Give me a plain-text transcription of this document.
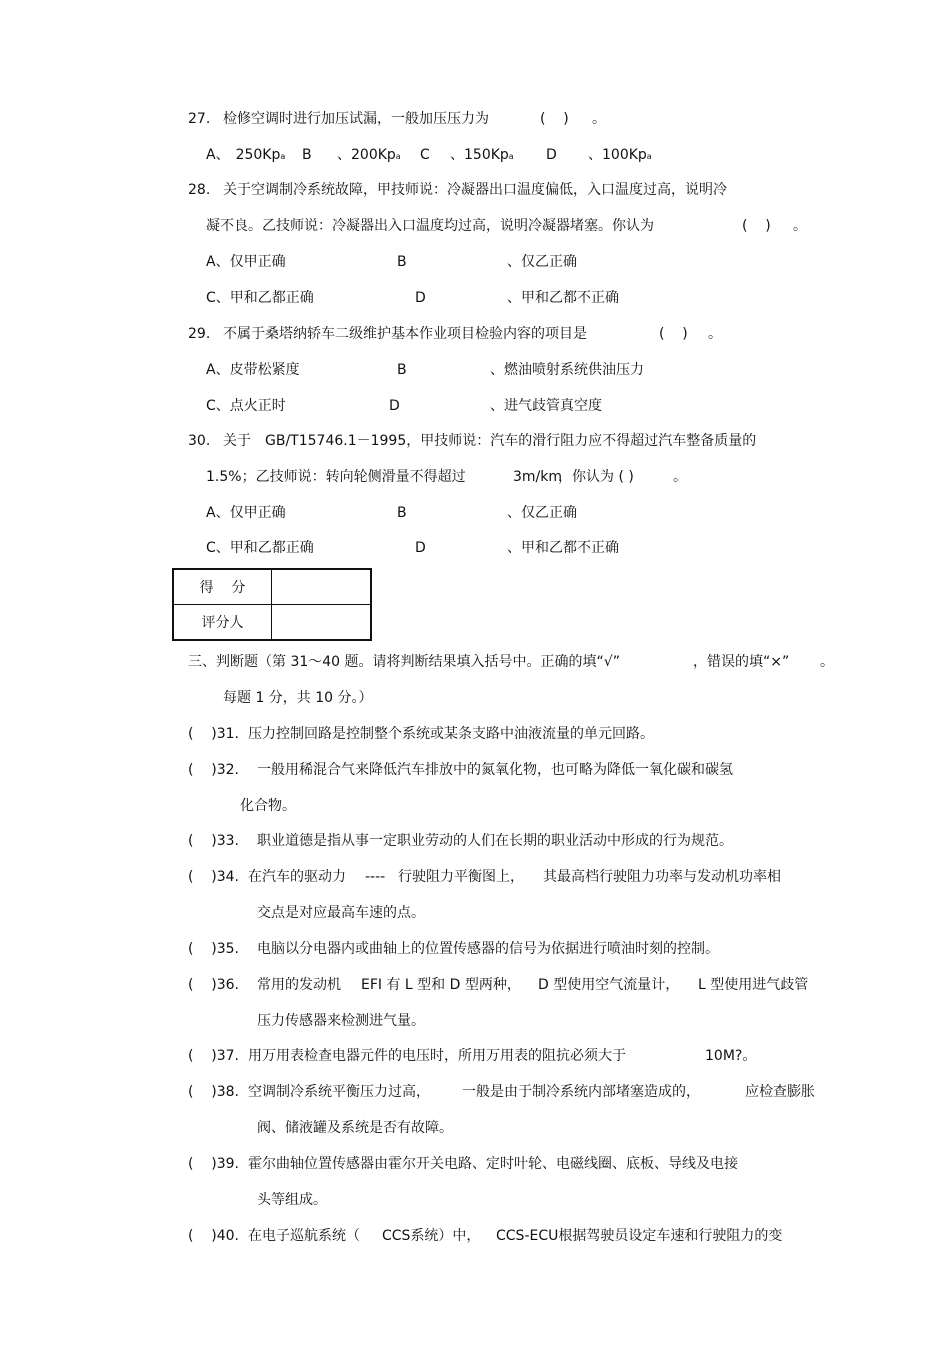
27. 检修空调时进行加压试漏，一般加压压力为	(    ) 。
A、 250Kpa B 、200Kpa C 、150Kpa D 、100Kpa
28. 关于空调制冷系统故障，甲技师说：冷凝器出口温度偏低，入口温度过高，说明冷
凝不良。乙技师说：冷凝器出入口温度均过高，说明冷凝器堵塞。你认为	(    ) 。
A、仅甲正确	B	、仅乙正确
C、甲和乙都正确	D	、甲和乙都不正确
29. 不属于桑塔纳轿车二级维护基本作业项目检验内容的项目是	(    ) 。
A、皮带松紧度	B	、燃油喷射系统供油压力
C、点火正时	D	、进气歧管真空度
30. 关于 GB/T15746.1－1995，甲技师说：汽车的滑行阻力应不得超过汽车整备质量的
1.5%；乙技师说：转向轮侧滑量不得超过	3m/km
，你认为 ( )	。
A、仅甲正确	B	、仅乙正确
C、甲和乙都正确	D	、甲和乙都不正确
得    分	
评分人	
三、判断题（第 31～40 题。请将判断结果填入括号中。正确的填“√”	，错误的填“×” 。
每题 1 分，共 10 分。）
(    )31. 压力控制回路是控制整个系统或某条支路中油液流量的单元回路。
(    )32. 一般用稀混合气来降低汽车排放中的氮氧化物，也可略为降低一氧化碳和碳氢
化合物。
(    )33. 职业道德是指从事一定职业劳动的人们在长期的职业活动中形成的行为规范。
(    )34. 在汽车的驱动力 ---- 行驶阻力平衡图上， 其最高档行驶阻力功率与发动机功率相
交点是对应最高车速的点。
(    )35. 电脑以分电器内或曲轴上的位置传感器的信号为依据进行喷油时刻的控制。
(    )36. 常用的发动机 EFI 有 L 型和 D 型两种， D 型使用空气流量计， L 型使用进气歧管
压力传感器来检测进气量。
(    )37. 用万用表检查电器元件的电压时，所用万用表的阻抗必须大于	10M?。
(    )38. 空调制冷系统平衡压力过高， 一般是由于制冷系统内部堵塞造成的，	应检查膨胀
阀、储液罐及系统是否有故障。
(    )39. 霍尔曲轴位置传感器由霍尔开关电路、定时叶轮、电磁线圈、底板、导线及电接
头等组成。
(    )40. 在电子巡航系统（ CCS系统）中， CCS-ECU根据驾驶员设定车速和行驶阻力的变
